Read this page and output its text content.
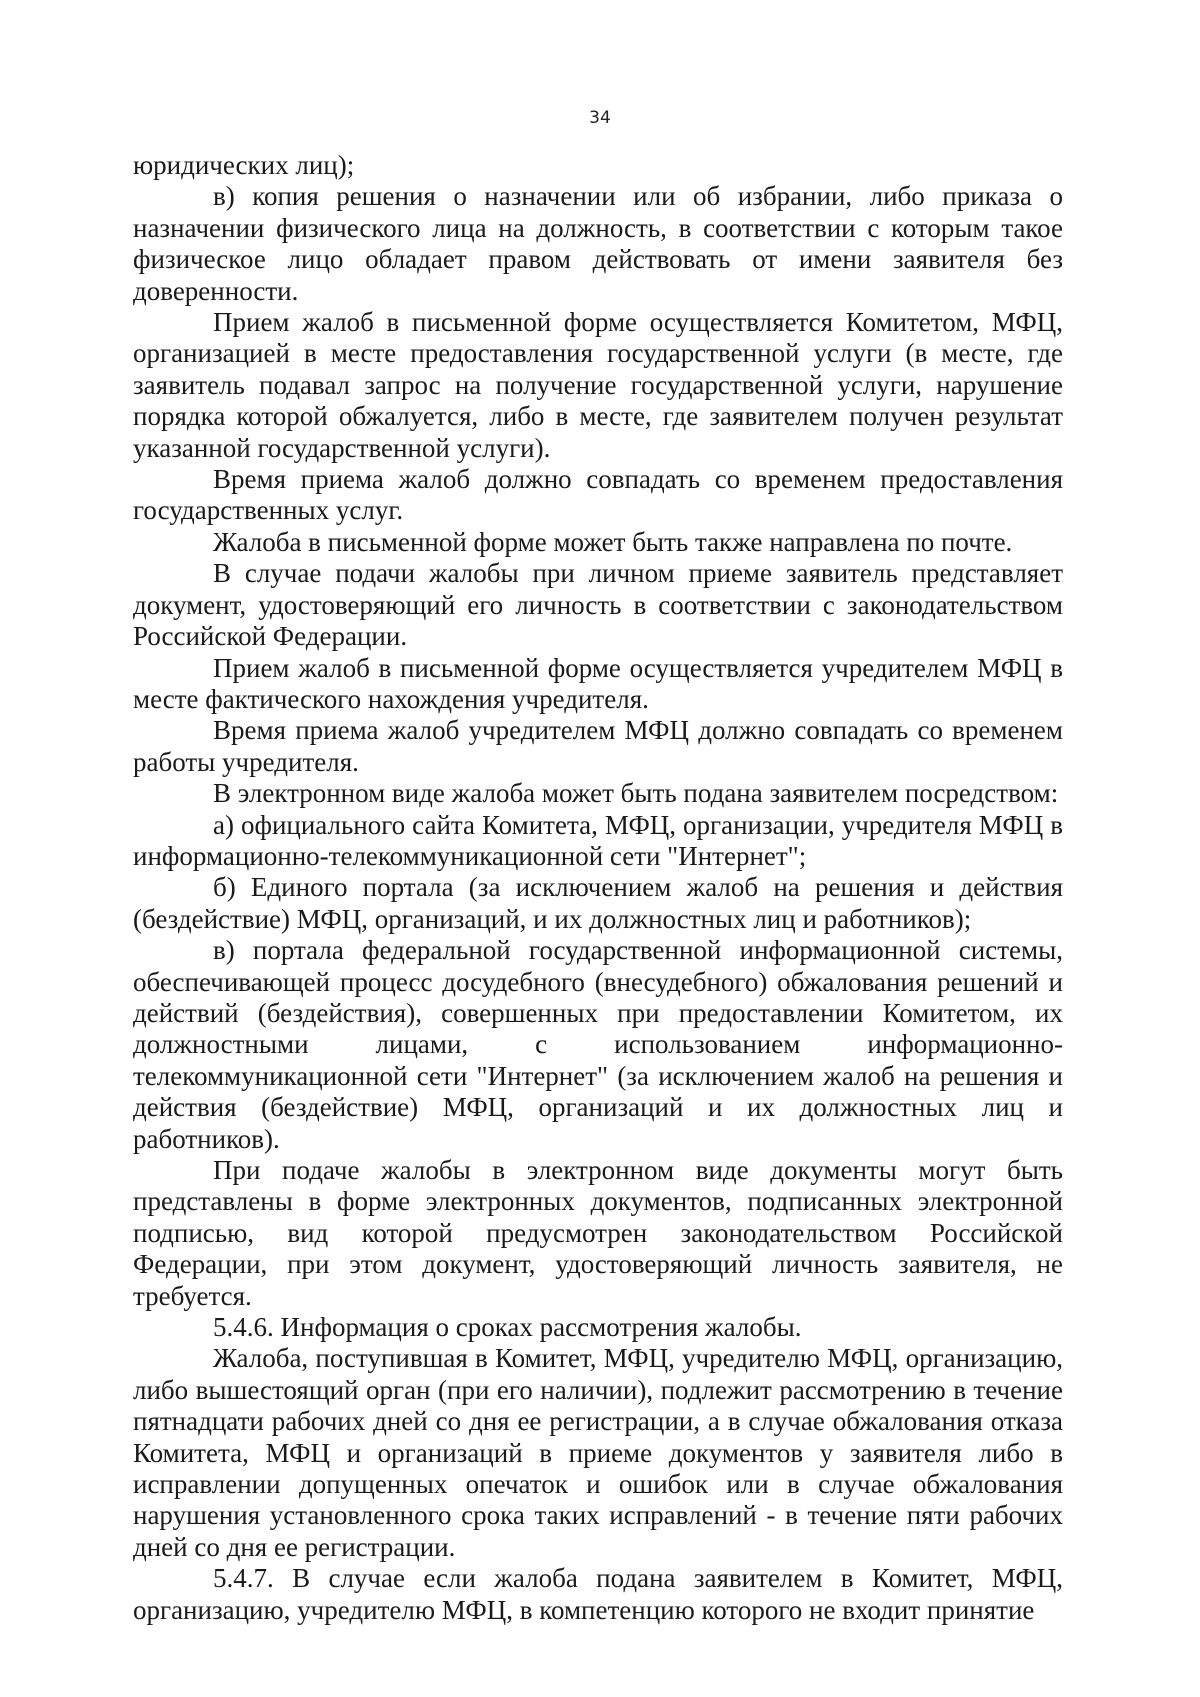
34

юридических лиц);

в) копия решения о назначении или об избрании, либо приказа о назначении физического лица на должность, в соответствии с которым такое физическое лицо обладает правом действовать от имени заявителя без доверенности.

Прием жалоб в письменной форме осуществляется Комитетом, МФЦ, организацией в месте предоставления государственной услуги (в месте, где заявитель подавал запрос на получение государственной услуги, нарушение порядка которой обжалуется, либо в месте, где заявителем получен результат указанной государственной услуги).

Время приема жалоб должно совпадать со временем предоставления государственных услуг.

Жалоба в письменной форме может быть также направлена по почте.

В случае подачи жалобы при личном приеме заявитель представляет документ, удостоверяющий его личность в соответствии с законодательством Российской Федерации.

Прием жалоб в письменной форме осуществляется учредителем МФЦ в месте фактического нахождения учредителя.

Время приема жалоб учредителем МФЦ должно совпадать со временем работы учредителя.

В электронном виде жалоба может быть подана заявителем посредством:

а) официального сайта Комитета, МФЦ, организации, учредителя МФЦ в информационно-телекоммуникационной сети "Интернет";

б) Единого портала (за исключением жалоб на решения и действия (бездействие) МФЦ, организаций, и их должностных лиц и работников);

в) портала федеральной государственной информационной системы, обеспечивающей процесс досудебного (внесудебного) обжалования решений и действий (бездействия), совершенных при предоставлении Комитетом, их должностными лицами, с использованием информационно-телекоммуникационной сети "Интернет" (за исключением жалоб на решения и действия (бездействие) МФЦ, организаций и их должностных лиц и работников).

При подаче жалобы в электронном виде документы могут быть представлены в форме электронных документов, подписанных электронной подписью, вид которой предусмотрен законодательством Российской Федерации, при этом документ, удостоверяющий личность заявителя, не требуется.

5.4.6. Информация о сроках рассмотрения жалобы.

Жалоба, поступившая в Комитет, МФЦ, учредителю МФЦ, организацию, либо вышестоящий орган (при его наличии), подлежит рассмотрению в течение пятнадцати рабочих дней со дня ее регистрации, а в случае обжалования отказа Комитета, МФЦ и организаций в приеме документов у заявителя либо в исправлении допущенных опечаток и ошибок или в случае обжалования нарушения установленного срока таких исправлений - в течение пяти рабочих дней со дня ее регистрации.

5.4.7. В случае если жалоба подана заявителем в Комитет, МФЦ, организацию, учредителю МФЦ, в компетенцию которого не входит принятие
